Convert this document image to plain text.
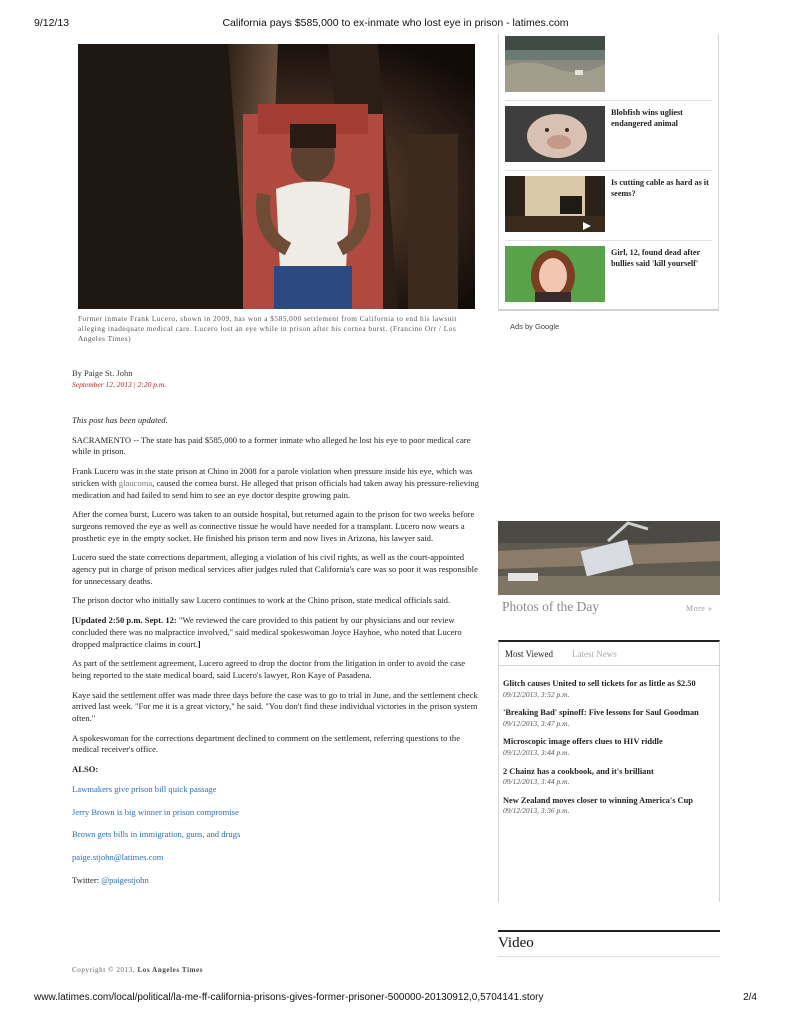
9/12/13	California pays $585,000 to ex-inmate who lost eye in prison - latimes.com
Former inmate Frank Lucero, shown in 2009, has won a $585,000 settlement from California to end his lawsuit alleging inadequate medical care. Lucero lost an eye while in prison after his cornea burst. (Francine Orr / Los Angeles Times)
By Paige St. John
September 12, 2013 | 2:20 p.m.

This post has been updated.

SACRAMENTO -- The state has paid $585,000 to a former inmate who alleged he lost his eye to poor medical care while in prison.

Frank Lucero was in the state prison at Chino in 2008 for a parole violation when pressure inside his eye, which was stricken with glaucoma, caused the cornea burst. He alleged that prison officials had taken away his pressure-relieving medication and had failed to send him to see an eye doctor despite growing pain.

After the cornea burst, Lucero was taken to an outside hospital, but returned again to the prison for two weeks before surgeons removed the eye as well as connective tissue he would have needed for a transplant. Lucero now wears a prosthetic eye in the empty socket. He finished his prison term and now lives in Arizona, his lawyer said.

Lucero sued the state corrections department, alleging a violation of his civil rights, as well as the court-appointed agency put in charge of prison medical services after judges ruled that California's care was so poor it was responsible for unnecessary deaths.

The prison doctor who initially saw Lucero continues to work at the Chino prison, state medical officials said.

[Updated 2:50 p.m. Sept. 12: "We reviewed the care provided to this patient by our physicians and our review concluded there was no malpractice involved," said medical spokeswoman Joyce Hayhoe, who noted that Lucero dropped malpractice claims in court.]

As part of the settlement agreement, Lucero agreed to drop the doctor from the litigation in order to avoid the case being reported to the state medical board, said Lucero's lawyer, Ron Kaye of Pasadena.

Kaye said the settlement offer was made three days before the case was to go to trial in June, and the settlement check arrived last week. "For me it is a great victory," he said. "You don't find these individual victories in the prison system often."

A spokeswoman for the corrections department declined to comment on the settlement, referring questions to the medical receiver's office.

ALSO:

Lawmakers give prison bill quick passage

Jerry Brown is big winner in prison compromise

Brown gets bills in immigration, guns, and drugs

paige.stjohn@latimes.com

Twitter: @paigestjohn

Copyright © 2013, Los Angeles Times
Blobfish wins ugliest endangered animal
Is cutting cable as hard as it seems?
Girl, 12, found dead after bullies said 'kill yourself'
Ads by Google
Photos of the Day	More »
Most Viewed Latest News
Glitch causes United to sell tickets for as little as $2.50 09/12/2013, 3:52 p.m.
'Breaking Bad' spinoff: Five lessons for Saul Goodman 09/12/2013, 3:47 p.m.
Microscopic image offers clues to HIV riddle
09/12/2013, 3:44 p.m.
2 Chainz has a cookbook, and it's brilliant
09/12/2013, 3:44 p.m.
New Zealand moves closer to winning America's Cup 09/12/2013, 3:36 p.m.
Video
www.latimes.com/local/political/la-me-ff-california-prisons-gives-former-prisoner-500000-20130912,0,5704141.story	2/4
